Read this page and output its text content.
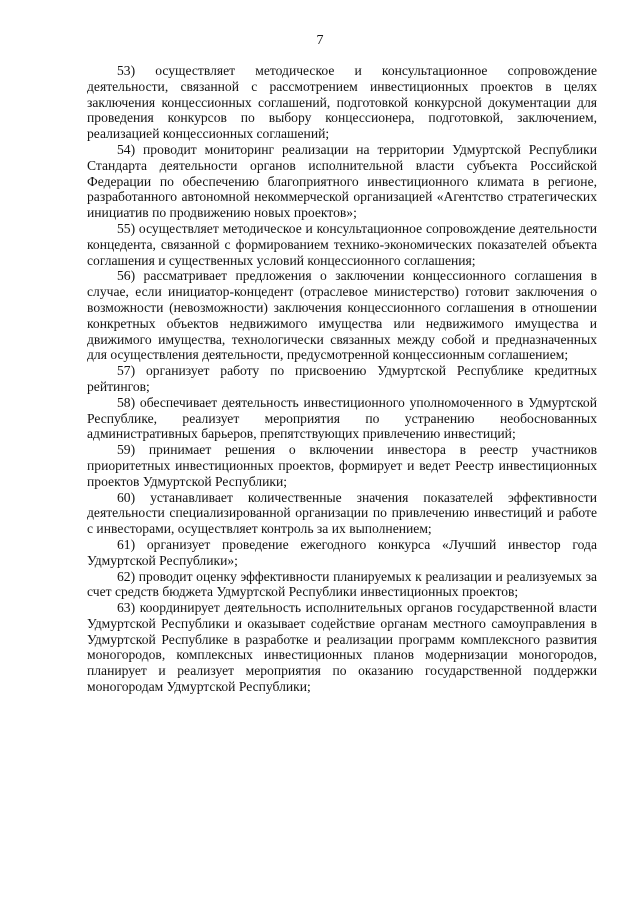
7

53) осуществляет методическое и консультационное сопровождение деятельности, связанной с рассмотрением инвестиционных проектов в целях заключения концессионных соглашений, подготовкой конкурсной документации для проведения конкурсов по выбору концессионера, подготовкой, заключением, реализацией концессионных соглашений;

54) проводит мониторинг реализации на территории Удмуртской Республики Стандарта деятельности органов исполнительной власти субъекта Российской Федерации по обеспечению благоприятного инвестиционного климата в регионе, разработанного автономной некоммерческой организацией «Агентство стратегических инициатив по продвижению новых проектов»;

55) осуществляет методическое и консультационное сопровождение деятельности концедента, связанной с формированием технико-экономических показателей объекта соглашения и существенных условий концессионного соглашения;

56) рассматривает предложения о заключении концессионного соглашения в случае, если инициатор-концедент (отраслевое министерство) готовит заключения о возможности (невозможности) заключения концессионного соглашения в отношении конкретных объектов недвижимого имущества или недвижимого имущества и движимого имущества, технологически связанных между собой и предназначенных для осуществления деятельности, предусмотренной концессионным соглашением;

57) организует работу по присвоению Удмуртской Республике кредитных рейтингов;

58) обеспечивает деятельность инвестиционного уполномоченного в Удмуртской Республике, реализует мероприятия по устранению необоснованных административных барьеров, препятствующих привлечению инвестиций;

59) принимает решения о включении инвестора в реестр участников приоритетных инвестиционных проектов, формирует и ведет Реестр инвестиционных проектов Удмуртской Республики;

60) устанавливает количественные значения показателей эффективности деятельности специализированной организации по привлечению инвестиций и работе с инвесторами, осуществляет контроль за их выполнением;

61) организует проведение ежегодного конкурса «Лучший инвестор года Удмуртской Республики»;

62) проводит оценку эффективности планируемых к реализации и реализуемых за счет средств бюджета Удмуртской Республики инвестиционных проектов;

63) координирует деятельность исполнительных органов государственной власти Удмуртской Республики и оказывает содействие органам местного самоуправления в Удмуртской Республике в разработке и реализации программ комплексного развития моногородов, комплексных инвестиционных планов модернизации моногородов, планирует и реализует мероприятия по оказанию государственной поддержки моногородам Удмуртской Республики;
